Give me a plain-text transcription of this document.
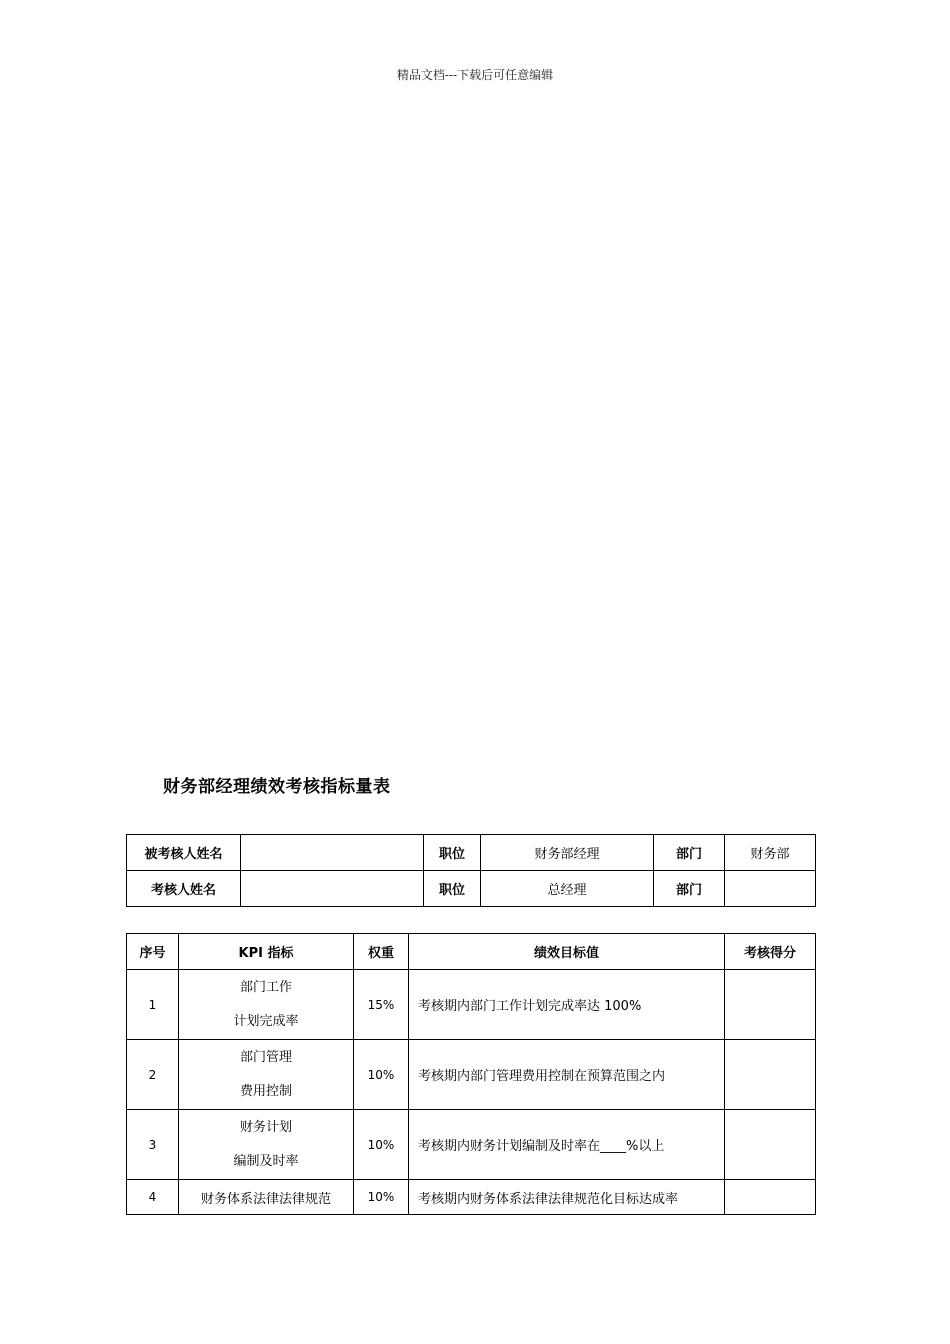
精品文档---下载后可任意编辑
财务部经理绩效考核指标量表
被考核人姓名		职位	财务部经理	部门	财务部
考核人姓名		职位	总经理	部门	
序号	KPI 指标	权重	绩效目标值	考核得分
1	部门工作
计划完成率	15%	考核期内部门工作计划完成率达 100%	
2	部门管理
费用控制	10%	考核期内部门管理费用控制在预算范围之内	
3	财务计划
编制及时率	10%	考核期内财务计划编制及时率在____%以上	
4	财务体系法律法律规范	10%	考核期内财务体系法律法律规范化目标达成率	
